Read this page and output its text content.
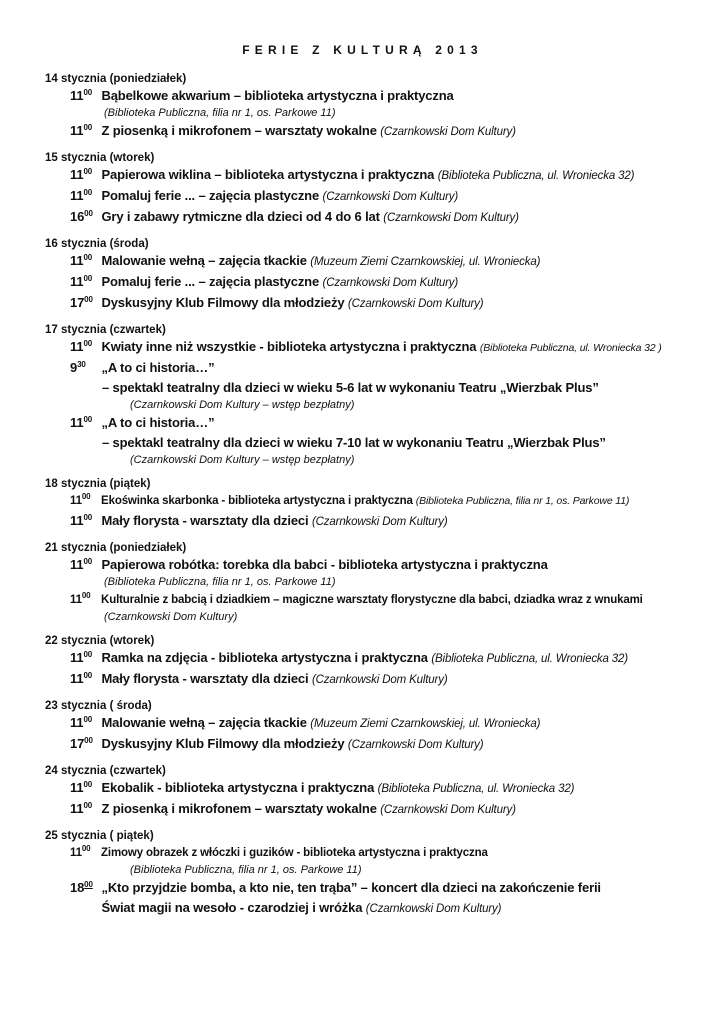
FERIE Z KULTURĄ 2013
14 stycznia (poniedziałek)
$11^{00}$ Bąbelkowe akwarium – biblioteka artystyczna i praktyczna
(Biblioteka Publiczna, filia nr 1, os. Parkowe 11)
$11^{00}$ Z piosenką i mikrofonem – warsztaty wokalne (Czarnkowski Dom Kultury)
15 stycznia (wtorek)
$11^{00}$ Papierowa wiklina – biblioteka artystyczna i praktyczna (Biblioteka Publiczna, ul. Wroniecka 32)
$11^{00}$ Pomaluj ferie ... – zajęcia plastyczne (Czarnkowski Dom Kultury)
$16^{00}$ Gry i zabawy rytmiczne dla dzieci od 4 do 6 lat (Czarnkowski Dom Kultury)
16 stycznia (środa)
$11^{00}$ Malowanie wełną – zajęcia tkackie (Muzeum Ziemi Czarnkowskiej, ul. Wroniecka)
$11^{00}$ Pomaluj ferie ... – zajęcia plastyczne (Czarnkowski Dom Kultury)
$17^{00}$ Dyskusyjny Klub Filmowy dla młodzieży (Czarnkowski Dom Kultury)
17 stycznia (czwartek)
$11^{00}$ Kwiaty inne niż wszystkie - biblioteka artystyczna i praktyczna (Biblioteka Publiczna, ul. Wroniecka 32 )
$9^{30}$ „A to ci historia…”
– spektakl teatralny dla dzieci w wieku 5-6 lat w wykonaniu Teatru „Wierzbak Plus”
(Czarnkowski Dom Kultury – wstęp bezpłatny)
$11^{00}$ „A to ci historia…”
– spektakl teatralny dla dzieci w wieku 7-10 lat w wykonaniu Teatru „Wierzbak Plus”
(Czarnkowski Dom Kultury – wstęp bezpłatny)
18 stycznia (piątek)
$11^{00}$ Ekoświnka skarbonka - biblioteka artystyczna i praktyczna (Biblioteka Publiczna, filia nr 1, os. Parkowe 11)
$11^{00}$ Mały florysta - warsztaty dla dzieci (Czarnkowski Dom Kultury)
21 stycznia (poniedziałek)
$11^{00}$ Papierowa robótka: torebka dla babci - biblioteka artystyczna i praktyczna
(Biblioteka Publiczna, filia nr 1, os. Parkowe 11)
$11^{00}$ Kulturalnie z babcią i dziadkiem – magiczne warsztaty florystyczne dla babci, dziadka wraz z wnukami
(Czarnkowski Dom Kultury)
22 stycznia (wtorek)
$11^{00}$ Ramka na zdjęcia - biblioteka artystyczna i praktyczna (Biblioteka Publiczna, ul. Wroniecka 32)
$11^{00}$ Mały florysta - warsztaty dla dzieci (Czarnkowski Dom Kultury)
23 stycznia ( środa)
$11^{00}$ Malowanie wełną – zajęcia tkackie (Muzeum Ziemi Czarnkowskiej, ul. Wroniecka)
$17^{00}$ Dyskusyjny Klub Filmowy dla młodzieży (Czarnkowski Dom Kultury)
24 stycznia (czwartek)
$11^{00}$ Ekobalik - biblioteka artystyczna i praktyczna (Biblioteka Publiczna, ul. Wroniecka 32)
$11^{00}$ Z piosenką i mikrofonem – warsztaty wokalne (Czarnkowski Dom Kultury)
25 stycznia ( piątek)
$11^{00}$ Zimowy obrazek z włóczki i guzików - biblioteka artystyczna i praktyczna
(Biblioteka Publiczna, filia nr 1, os. Parkowe 11)
$18^{00}$ „Kto przyjdzie bomba, a kto nie, ten trąba” – koncert dla dzieci na zakończenie ferii
Świat magii na wesoło - czarodziej i wróżka (Czarnkowski Dom Kultury)
